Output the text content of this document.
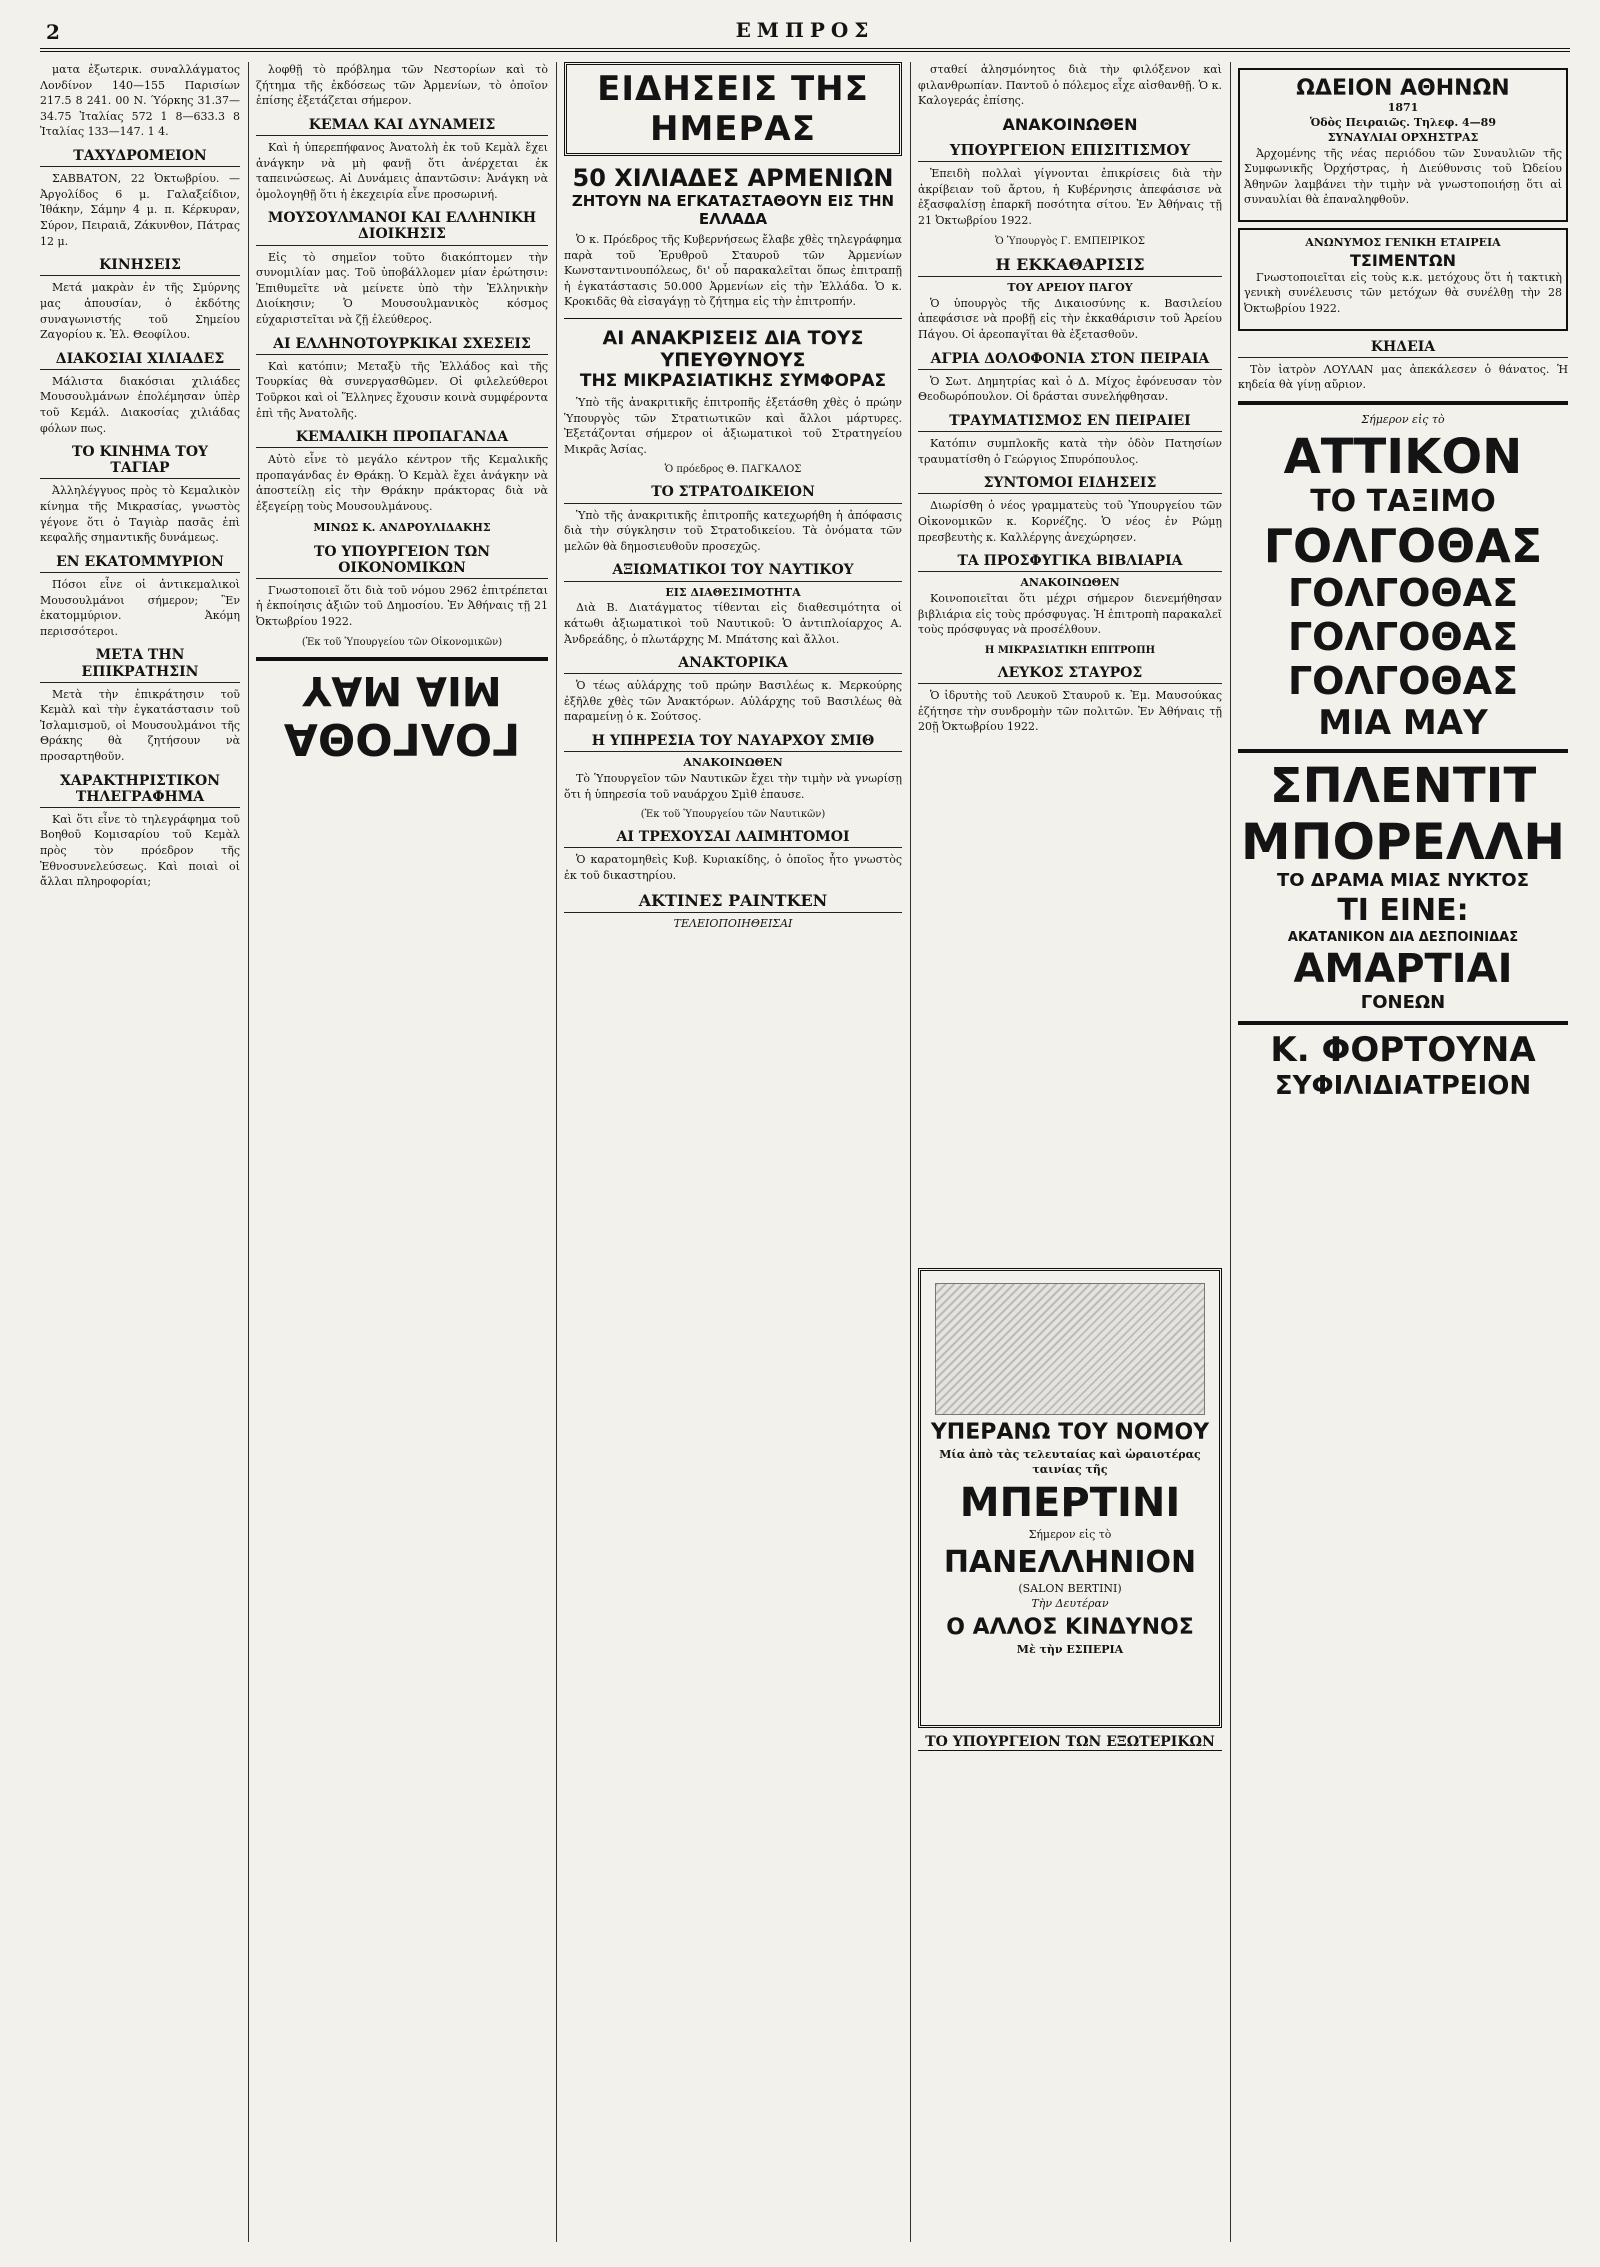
2	ΕΜΠΡΟΣ

ματα ἐξωτερικ. συναλλάγματος Λονδίνον 140—155 Παρισίων 217.5 8 241. 00 Ν. Ύόρκης 31.37—34.75 Ἰταλίας 572 1 8—633.3 8 Ἰταλίας 133—147. 1 4.

ΤΑΧΥΔΡΟΜΕΙΟΝ

ΣΑΒΒΑΤΟΝ, 22 Ὀκτωβρίου. — Ἀργολίδος 6 μ. Γαλαξείδιον, Ἰθάκην, Σάμην 4 μ. π. Κέρκυραν, Σύρον, Πειραιᾶ, Ζάκυνθον, Πάτρας 12 μ.

ΚΙΝΗΣΕΙΣ

Μετά μακρὰν ἐν τῆς Σμύρνης μας ἀπουσίαν, ὁ ἐκδότης συναγωνιστής τοῦ Σημείου Ζαγορίου κ. Ἑλ. Θεοφίλου.

ΔΙΑΚΟΣΙΑΙ ΧΙΛΙΑΔΕΣ

Μάλιστα διακόσιαι χιλιάδες Μουσουλμάνων ἐπολέμησαν ὑπὲρ τοῦ Κεμάλ. Διακοσίας χιλιάδας φόλων πως.

ΤΟ ΚΙΝΗΜΑ ΤΟΥ ΤΑΓΙΑΡ

Ἀλληλέγγυος πρὸς τὸ Κεμαλικὸν κίνημα τῆς Μικρασίας, γνωστὸς γέγονε ὅτι ὁ Ταγιὰρ πασᾶς ἐπὶ κεφαλῆς σημαντικῆς δυνάμεως.

ΕΝ ΕΚΑΤΟΜΜΥΡΙΟΝ

Πόσοι εἶνε οἱ ἀντικεμαλικοὶ Μουσουλμάνοι σήμερον; Ἓν ἑκατομμύριον. Ἀκόμη περισσότεροι.

ΜΕΤΑ ΤΗΝ ΕΠΙΚΡΑΤΗΣΙΝ

Μετὰ τὴν ἐπικράτησιν τοῦ Κεμὰλ καὶ τὴν ἐγκατάστασιν τοῦ Ἰσλαμισμοῦ, οἱ Μουσουλμάνοι τῆς Θράκης θὰ ζητήσουν νὰ προσαρτηθοῦν.

ΧΑΡΑΚΤΗΡΙΣΤΙΚΟΝ ΤΗΛΕΓΡΑΦΗΜΑ

Καὶ ὅτι εἶνε τὸ τηλεγράφημα τοῦ Βοηθοῦ Κομισαρίου τοῦ Κεμὰλ πρὸς τὸν πρόεδρον τῆς Ἐθνοσυνελεύσεως. Καὶ ποιαὶ οἱ ἄλλαι πληροφορίαι;

λοφθῇ τὸ πρόβλημα τῶν Νεστορίων καὶ τὸ ζήτημα τῆς ἐκδόσεως τῶν Ἀρμενίων, τὸ ὁποῖον ἐπίσης ἐξετάζεται σήμερον.

ΚΕΜΑΛ ΚΑΙ ΔΥΝΑΜΕΙΣ

Καὶ ἡ ὑπερεπήφανος Ἀνατολὴ ἐκ τοῦ Κεμὰλ ἔχει ἀνάγκην νὰ μὴ φανῇ ὅτι ἀνέρχεται ἐκ ταπεινώσεως. Αἱ Δυνάμεις ἀπαντῶσιν: Ἀνάγκη νὰ ὁμολογηθῇ ὅτι ἡ ἐκεχειρία εἶνε προσωρινή.

ΜΟΥΣΟΥΛΜΑΝΟΙ ΚΑΙ ΕΛΛΗΝΙΚΗ ΔΙΟΙΚΗΣΙΣ

Εἰς τὸ σημεῖον τοῦτο διακόπτομεν τὴν συνομιλίαν μας. Τοῦ ὑποβάλλομεν μίαν ἐρώτησιν: Ἐπιθυμεῖτε νὰ μείνετε ὑπὸ τὴν Ἑλληνικὴν Διοίκησιν; Ὁ Μουσουλμανικὸς κόσμος εὐχαριστεῖται νὰ ζῇ ἐλεύθερος.

ΑΙ ΕΛΛΗΝΟΤΟΥΡΚΙΚΑΙ ΣΧΕΣΕΙΣ

Καὶ κατόπιν; Μεταξὺ τῆς Ἑλλάδος καὶ τῆς Τουρκίας θὰ συνεργασθῶμεν. Οἱ φιλελεύθεροι Τοῦρκοι καὶ οἱ Ἕλληνες ἔχουσιν κοινὰ συμφέροντα ἐπὶ τῆς Ἀνατολῆς.

ΚΕΜΑΛΙΚΗ ΠΡΟΠΑΓΑΝΔΑ

Αὐτὸ εἶνε τὸ μεγάλο κέντρον τῆς Κεμαλικῆς προπαγάνδας ἐν Θράκῃ. Ὁ Κεμὰλ ἔχει ἀνάγκην νὰ ἀποστείλῃ εἰς τὴν Θράκην πράκτορας διὰ νὰ ἐξεγείρῃ τοὺς Μουσουλμάνους.

ΜΙΝΩΣ Κ. ΑΝΔΡΟΥΛΙΔΑΚΗΣ
ΤΟ ΥΠΟΥΡΓΕΙΟΝ ΤΩΝ ΟΙΚΟΝΟΜΙΚΩΝ

Γνωστοποιεῖ ὅτι διὰ τοῦ νόμου 2962 ἐπιτρέπεται ἡ ἐκποίησις ἀξιῶν τοῦ Δημοσίου. Ἐν Ἀθήναις τῇ 21 Ὀκτωβρίου 1922.

(Ἐκ τοῦ Ὑπουργείου τῶν Οἰκονομικῶν)
ΓΟΛΓΟΘΑ
ΜΙΑ ΜΑΥ
ΕΙΔΗΣΕΙΣ ΤΗΣ ΗΜΕΡΑΣ
50 ΧΙΛΙΑΔΕΣ ΑΡΜΕΝΙΩΝ
ΖΗΤΟΥΝ ΝΑ ΕΓΚΑΤΑΣΤΑΘΟΥΝ ΕΙΣ ΤΗΝ ΕΛΛΑΔΑ

Ὁ κ. Πρόεδρος τῆς Κυβερνήσεως ἔλαβε χθὲς τηλεγράφημα παρὰ τοῦ Ἐρυθροῦ Σταυροῦ τῶν Ἀρμενίων Κωνσταντινουπόλεως, δι' οὗ παρακαλεῖται ὅπως ἐπιτραπῇ ἡ ἐγκατάστασις 50.000 Ἀρμενίων εἰς τὴν Ἑλλάδα. Ὁ κ. Κροκιδᾶς θὰ εἰσαγάγῃ τὸ ζήτημα εἰς τὴν ἐπιτροπήν.

ΑΙ ΑΝΑΚΡΙΣΕΙΣ ΔΙΑ ΤΟΥΣ ΥΠΕΥΘΥΝΟΥΣ
ΤΗΣ ΜΙΚΡΑΣΙΑΤΙΚΗΣ ΣΥΜΦΟΡΑΣ

Ὑπὸ τῆς ἀνακριτικῆς ἐπιτροπῆς ἐξετάσθη χθὲς ὁ πρώην Ὑπουργὸς τῶν Στρατιωτικῶν καὶ ἄλλοι μάρτυρες. Ἐξετάζονται σήμερον οἱ ἀξιωματικοὶ τοῦ Στρατηγείου Μικρᾶς Ἀσίας.

Ὁ πρόεδρος Θ. ΠΑΓΚΑΛΟΣ
ΤΟ ΣΤΡΑΤΟΔΙΚΕΙΟΝ

Ὑπὸ τῆς ἀνακριτικῆς ἐπιτροπῆς κατεχωρήθη ἡ ἀπόφασις διὰ τὴν σύγκλησιν τοῦ Στρατοδικείου. Τὰ ὀνόματα τῶν μελῶν θὰ δημοσιευθοῦν προσεχῶς.

ΑΞΙΩΜΑΤΙΚΟΙ ΤΟΥ ΝΑΥΤΙΚΟΥ
ΕΙΣ ΔΙΑΘΕΣΙΜΟΤΗΤΑ

Διὰ Β. Διατάγματος τίθενται εἰς διαθεσιμότητα οἱ κάτωθι ἀξιωματικοὶ τοῦ Ναυτικοῦ: Ὁ ἀντιπλοίαρχος Α. Ἀνδρεάδης, ὁ πλωτάρχης Μ. Μπάτσης καὶ ἄλλοι.

ΑΝΑΚΤΟΡΙΚΑ

Ὁ τέως αὐλάρχης τοῦ πρώην Βασιλέως κ. Μερκούρης ἐξῆλθε χθὲς τῶν Ἀνακτόρων. Αὐλάρχης τοῦ Βασιλέως θὰ παραμείνῃ ὁ κ. Σούτσος.

Η ΥΠΗΡΕΣΙΑ ΤΟΥ ΝΑΥΑΡΧΟΥ ΣΜΙΘ
ΑΝΑΚΟΙΝΩΘΕΝ

Τὸ Ὑπουργεῖον τῶν Ναυτικῶν ἔχει τὴν τιμὴν νὰ γνωρίσῃ ὅτι ἡ ὑπηρεσία τοῦ ναυάρχου Σμὶθ ἐπαυσε.

(Ἐκ τοῦ Ὑπουργείου τῶν Ναυτικῶν)
ΑΙ ΤΡΕΧΟΥΣΑΙ ΛΑΙΜΗΤΟΜΟΙ

Ὁ καρατομηθεὶς Κυβ. Κυριακίδης, ὁ ὁποῖος ἦτο γνωστὸς ἐκ τοῦ δικαστηρίου.

ΑΚΤΙΝΕΣ ΡΑΙΝΤΚΕΝ
ΤΕΛΕΙΟΠΟΙΗΘΕΙΣΑΙ

σταθεί ἀλησμόνητος διὰ τὴν φιλόξενον καὶ φιλανθρωπίαν. Παντοῦ ὁ πόλεμος εἶχε αἰσθανθῇ. Ὁ κ. Καλογεράς ἐπίσης.

ΑΝΑΚΟΙΝΩΘΕΝ
ΥΠΟΥΡΓΕΙΟΝ ΕΠΙΣΙΤΙΣΜΟΥ

Ἐπειδὴ πολλαὶ γίγνονται ἐπικρίσεις διὰ τὴν ἀκρίβειαν τοῦ ἄρτου, ἡ Κυβέρνησις ἀπεφάσισε νὰ ἐξασφαλίσῃ ἐπαρκῆ ποσότητα σίτου. Ἐν Ἀθήναις τῇ 21 Ὀκτωβρίου 1922.

Ὁ Ὑπουργὸς Γ. ΕΜΠΕΙΡΙΚΟΣ
Η ΕΚΚΑΘΑΡΙΣΙΣ
ΤΟΥ ΑΡΕΙΟΥ ΠΑΓΟΥ

Ὁ ὑπουργὸς τῆς Δικαιοσύνης κ. Βασιλείου ἀπεφάσισε νὰ προβῇ εἰς τὴν ἐκκαθάρισιν τοῦ Ἀρείου Πάγου. Οἱ ἀρεοπαγῖται θὰ ἐξετασθοῦν.

ΑΓΡΙΑ ΔΟΛΟΦΟΝΙΑ ΣΤΟΝ ΠΕΙΡΑΙΑ

Ὁ Σωτ. Δημητρίας καὶ ὁ Δ. Μίχος ἐφόνευσαν τὸν Θεοδωρόπουλον. Οἱ δράσται συνελήφθησαν.

ΤΡΑΥΜΑΤΙΣΜΟΣ ΕΝ ΠΕΙΡΑΙΕΙ

Κατόπιν συμπλοκῆς κατὰ τὴν ὁδὸν Πατησίων τραυματίσθη ὁ Γεώργιος Σπυρόπουλος.

ΣΥΝΤΟΜΟΙ ΕΙΔΗΣΕΙΣ

Διωρίσθη ὁ νέος γραμματεὺς τοῦ Ὑπουργείου τῶν Οἰκονομικῶν κ. Κορνέζης. Ὁ νέος ἐν Ρώμῃ πρεσβευτὴς κ. Καλλέργης ἀνεχώρησεν.

ΤΑ ΠΡΟΣΦΥΓΙΚΑ ΒΙΒΛΙΑΡΙΑ
ΑΝΑΚΟΙΝΩΘΕΝ

Κοινοποιεῖται ὅτι μέχρι σήμερον διενεμήθησαν βιβλιάρια εἰς τοὺς πρόσφυγας. Ἡ ἐπιτροπὴ παρακαλεῖ τοὺς πρόσφυγας νὰ προσέλθουν.

Η ΜΙΚΡΑΣΙΑΤΙΚΗ ΕΠΙΤΡΟΠΗ
ΛΕΥΚΟΣ ΣΤΑΥΡΟΣ

Ὁ ἱδρυτὴς τοῦ Λευκοῦ Σταυροῦ κ. Ἐμ. Μαυσούκας ἐζήτησε τὴν συνδρομὴν τῶν πολιτῶν. Ἐν Ἀθήναις τῇ 20ῇ Ὀκτωβρίου 1922.

ΥΠΕΡΑΝΩ ΤΟΥ ΝΟΜΟΥ
Μία ἀπὸ τὰς τελευταίας καὶ ὡραιοτέρας ταινίας τῆς
ΜΠΕΡΤΙΝΙ
Σήμερον εἰς τὸ
ΠΑΝΕΛΛΗΝΙΟΝ
(SALON BERTINI)
Τὴν Δευτέραν
Ο ΑΛΛΟΣ ΚΙΝΔΥΝΟΣ
Μὲ τὴν ΕΣΠΕΡΙΑ
ΤΟ ΥΠΟΥΡΓΕΙΟΝ ΤΩΝ ΕΞΩΤΕΡΙΚΩΝ
ΩΔΕΙΟΝ ΑΘΗΝΩΝ
1871
Ὁδὸς Πειραιῶς. Τηλεφ. 4—89
ΣΥΝΑΥΛΙΑΙ ΟΡΧΗΣΤΡΑΣ

Ἀρχομένης τῆς νέας περιόδου τῶν Συναυλιῶν τῆς Συμφωνικῆς Ὀρχήστρας, ἡ Διεύθυνσις τοῦ Ὠδείου Ἀθηνῶν λαμβάνει τὴν τιμὴν νὰ γνωστοποιήσῃ ὅτι αἱ συναυλίαι θὰ ἐπαναληφθοῦν.

ΑΝΩΝΥΜΟΣ ΓΕΝΙΚΗ ΕΤΑΙΡΕΙΑ
ΤΣΙΜΕΝΤΩΝ

Γνωστοποιεῖται εἰς τοὺς κ.κ. μετόχους ὅτι ἡ τακτικὴ γενικὴ συνέλευσις τῶν μετόχων θὰ συνέλθῃ τὴν 28 Ὀκτωβρίου 1922.

ΚΗΔΕΙΑ

Τὸν ἰατρὸν ΛΟΥΛΑΝ μας ἀπεκάλεσεν ὁ θάνατος. Ἡ κηδεία θὰ γίνῃ αὔριον.

Σήμερον εἰς τὸ
ΑΤΤΙΚΟΝ
ΤΟ ΤΑΞΙΜΟ
ΓΟΛΓΟΘΑΣ
ΓΟΛΓΟΘΑΣ
ΓΟΛΓΟΘΑΣ
ΓΟΛΓΟΘΑΣ
ΜΙΑ ΜΑΥ
ΣΠΛΕΝΤΙΤ
ΜΠΟΡΕΛΛΗ
ΤΟ ΔΡΑΜΑ ΜΙΑΣ ΝΥΚΤΟΣ
ΤΙ ΕΙΝΕ:
ΑΚΑΤΑΝΙΚΟΝ ΔΙΑ ΔΕΣΠΟΙΝΙΔΑΣ
ΑΜΑΡΤΙΑΙ
ΓΟΝΕΩΝ
Κ. ΦΟΡΤΟΥΝΑ
ΣΥΦΙΛΙΔΙΑΤΡΕΙΟΝ
